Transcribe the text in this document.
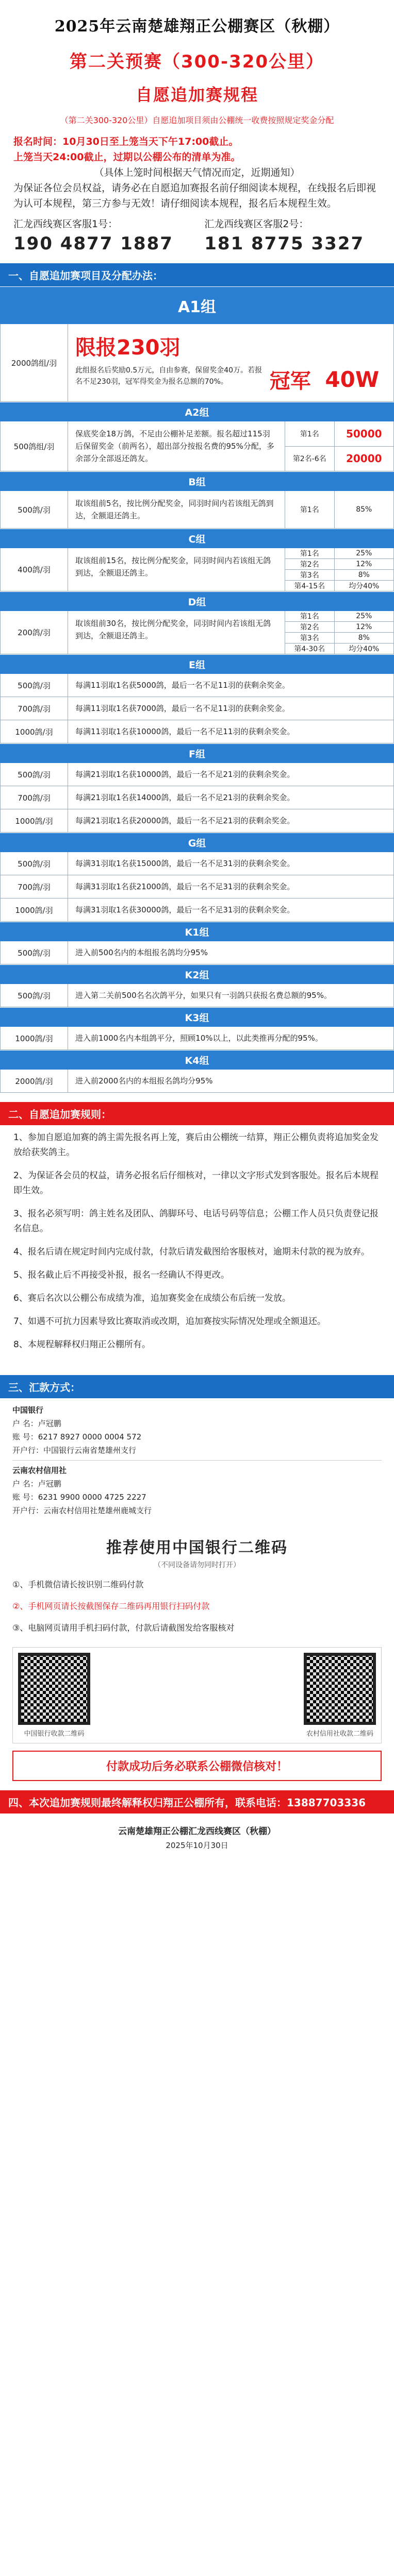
2025年云南楚雄翔正公棚赛区（秋棚）
第二关预赛（300-320公里）
自愿追加赛规程
（第二关300-320公里）自愿追加项目须由公棚统一收费按照规定奖金分配
报名时间：10月30日至上笼当天下午17:00截止。
上笼当天24:00截止，过期以公棚公布的清单为准。
（具体上笼时间根据天气情况而定，近期通知）
为保证各位会员权益，请务必在自愿追加赛报名前仔细阅读本规程，在线报名后即视为认可本规程，第三方参与无效！请仔细阅读本规程，报名后本规程生效。
汇龙西线赛区客服1号：
190 4877 1887
汇龙西线赛区客服2号：
181 8775 3327
一、自愿追加赛项目及分配办法：
A1组
2000鸽组/羽
限报230羽
此组报名后奖励0.5万元，自由参赛，保留奖金40万。若报名不足230羽，冠军得奖金为报名总额的70%。	冠军 40W
A2组
500鸽组/羽
保底奖金18万鸽，不足由公棚补足差额。报名超过115羽后保留奖金（前两名），超出部分按报名费的95%分配，多余部分全部返还鸽友。
第1名	50000
第2名-6名	20000
B组
500鸽/羽
取该组前5名，按比例分配奖金，同羽时间内若该组无鸽到达，全额退还鸽主。
第1名	85%
C组
400鸽/羽
取该组前15名，按比例分配奖金，同羽时间内若该组无鸽到达，全额退还鸽主。
第1名	25%
第2名	12%
第3名	8%
第4-15名	均分40%
D组
200鸽/羽
取该组前30名，按比例分配奖金，同羽时间内若该组无鸽到达，全额退还鸽主。
第1名	25%
第2名	12%
第3名	8%
第4-30名	均分40%
E组
500鸽/羽	每满11羽取1名获5000鸽，最后一名不足11羽的获剩余奖金。
700鸽/羽	每满11羽取1名获7000鸽，最后一名不足11羽的获剩余奖金。
1000鸽/羽	每满11羽取1名获10000鸽，最后一名不足11羽的获剩余奖金。
F组
500鸽/羽	每满21羽取1名获10000鸽，最后一名不足21羽的获剩余奖金。
700鸽/羽	每满21羽取1名获14000鸽，最后一名不足21羽的获剩余奖金。
1000鸽/羽	每满21羽取1名获20000鸽，最后一名不足21羽的获剩余奖金。
G组
500鸽/羽	每满31羽取1名获15000鸽，最后一名不足31羽的获剩余奖金。
700鸽/羽	每满31羽取1名获21000鸽，最后一名不足31羽的获剩余奖金。
1000鸽/羽	每满31羽取1名获30000鸽，最后一名不足31羽的获剩余奖金。
K1组
500鸽/羽	进入前500名内的本组报名鸽均分95%
K2组
500鸽/羽	进入第二关前500名名次鸽平分，如果只有一羽鸽只获报名费总额的95%。
K3组
1000鸽/羽	进入前1000名内本组鸽平分，照顾10%以上，以此类推再分配的95%。
K4组
2000鸽/羽	进入前2000名内的本组报名鸽均分95%
二、自愿追加赛规则：

1、参加自愿追加赛的鸽主需先报名再上笼，赛后由公棚统一结算，翔正公棚负责将追加奖金发放给获奖鸽主。

2、为保证各会员的权益，请务必报名后仔细核对，一律以文字形式发到客服处。报名后本规程即生效。

3、报名必须写明：鸽主姓名及团队、鸽脚环号、电话号码等信息；公棚工作人员只负责登记报名信息。

4、报名后请在规定时间内完成付款，付款后请发截图给客服核对，逾期未付款的视为放弃。

5、报名截止后不再接受补报，报名一经确认不得更改。

6、赛后名次以公棚公布成绩为准，追加赛奖金在成绩公布后统一发放。

7、如遇不可抗力因素导致比赛取消或改期，追加赛按实际情况处理或全额退还。

8、本规程解释权归翔正公棚所有。

三、汇款方式：
中国银行
户 名：卢冠鹏
账 号：6217 8927 0000 0004 572
开户行：中国银行云南省楚雄州支行
云南农村信用社
户 名：卢冠鹏
账 号：6231 9900 0000 4725 2227
开户行：云南农村信用社楚雄州鹿城支行
推荐使用中国银行二维码
（不同设备请勿同时打开）
①、手机微信请长按识别二维码付款
②、手机网页请长按截图保存二维码再用银行扫码付款
③、电脑网页请用手机扫码付款，付款后请截图发给客服核对
中国银行收款二维码	农村信用社收款二维码
付款成功后务必联系公棚微信核对！
四、本次追加赛规则最终解释权归翔正公棚所有，联系电话：13887703336
云南楚雄翔正公棚汇龙西线赛区（秋棚）
2025年10月30日
